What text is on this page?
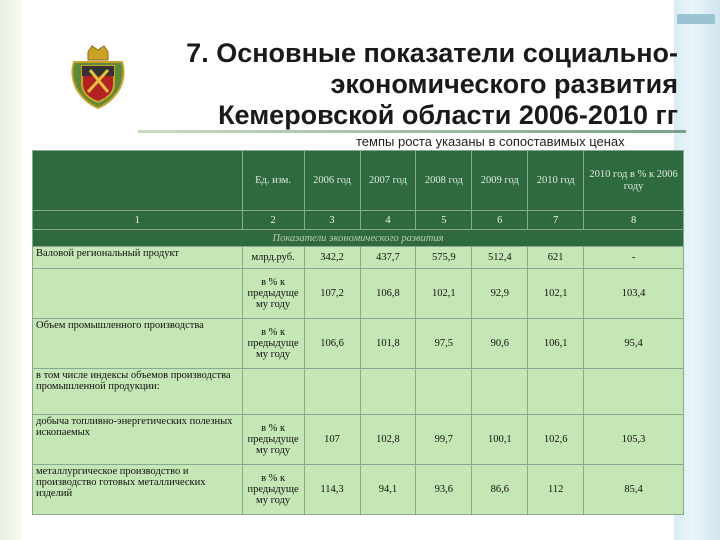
7. Основные показатели социально-
экономического развития
Кемеровской области 2006-2010 гг
темпы роста указаны в сопоставимых ценах
	Ед. изм.	2006 год	2007 год	2008 год	2009 год	2010 год	2010 год в % к 2006 году
1	2	3	4	5	6	7	8
Показатели экономического развития							
Валовой региональный продукт	млрд.руб.	342,2	437,7	575,9	512,4	621	-
	в % к предыдуще му году	107,2	106,8	102,1	92,9	102,1	103,4
Объем промышленного производства	в % к предыдуще му году	106,6	101,8	97,5	90,6	106,1	95,4
в том числе индексы объемов производства промышленной продукции:							
добыча топливно-энергетических полезных ископаемых	в % к предыдуще му году	107	102,8	99,7	100,1	102,6	105,3
металлургическое производство и производство готовых металлических изделий	в % к предыдуще му году	114,3	94,1	93,6	86,6	112	85,4
